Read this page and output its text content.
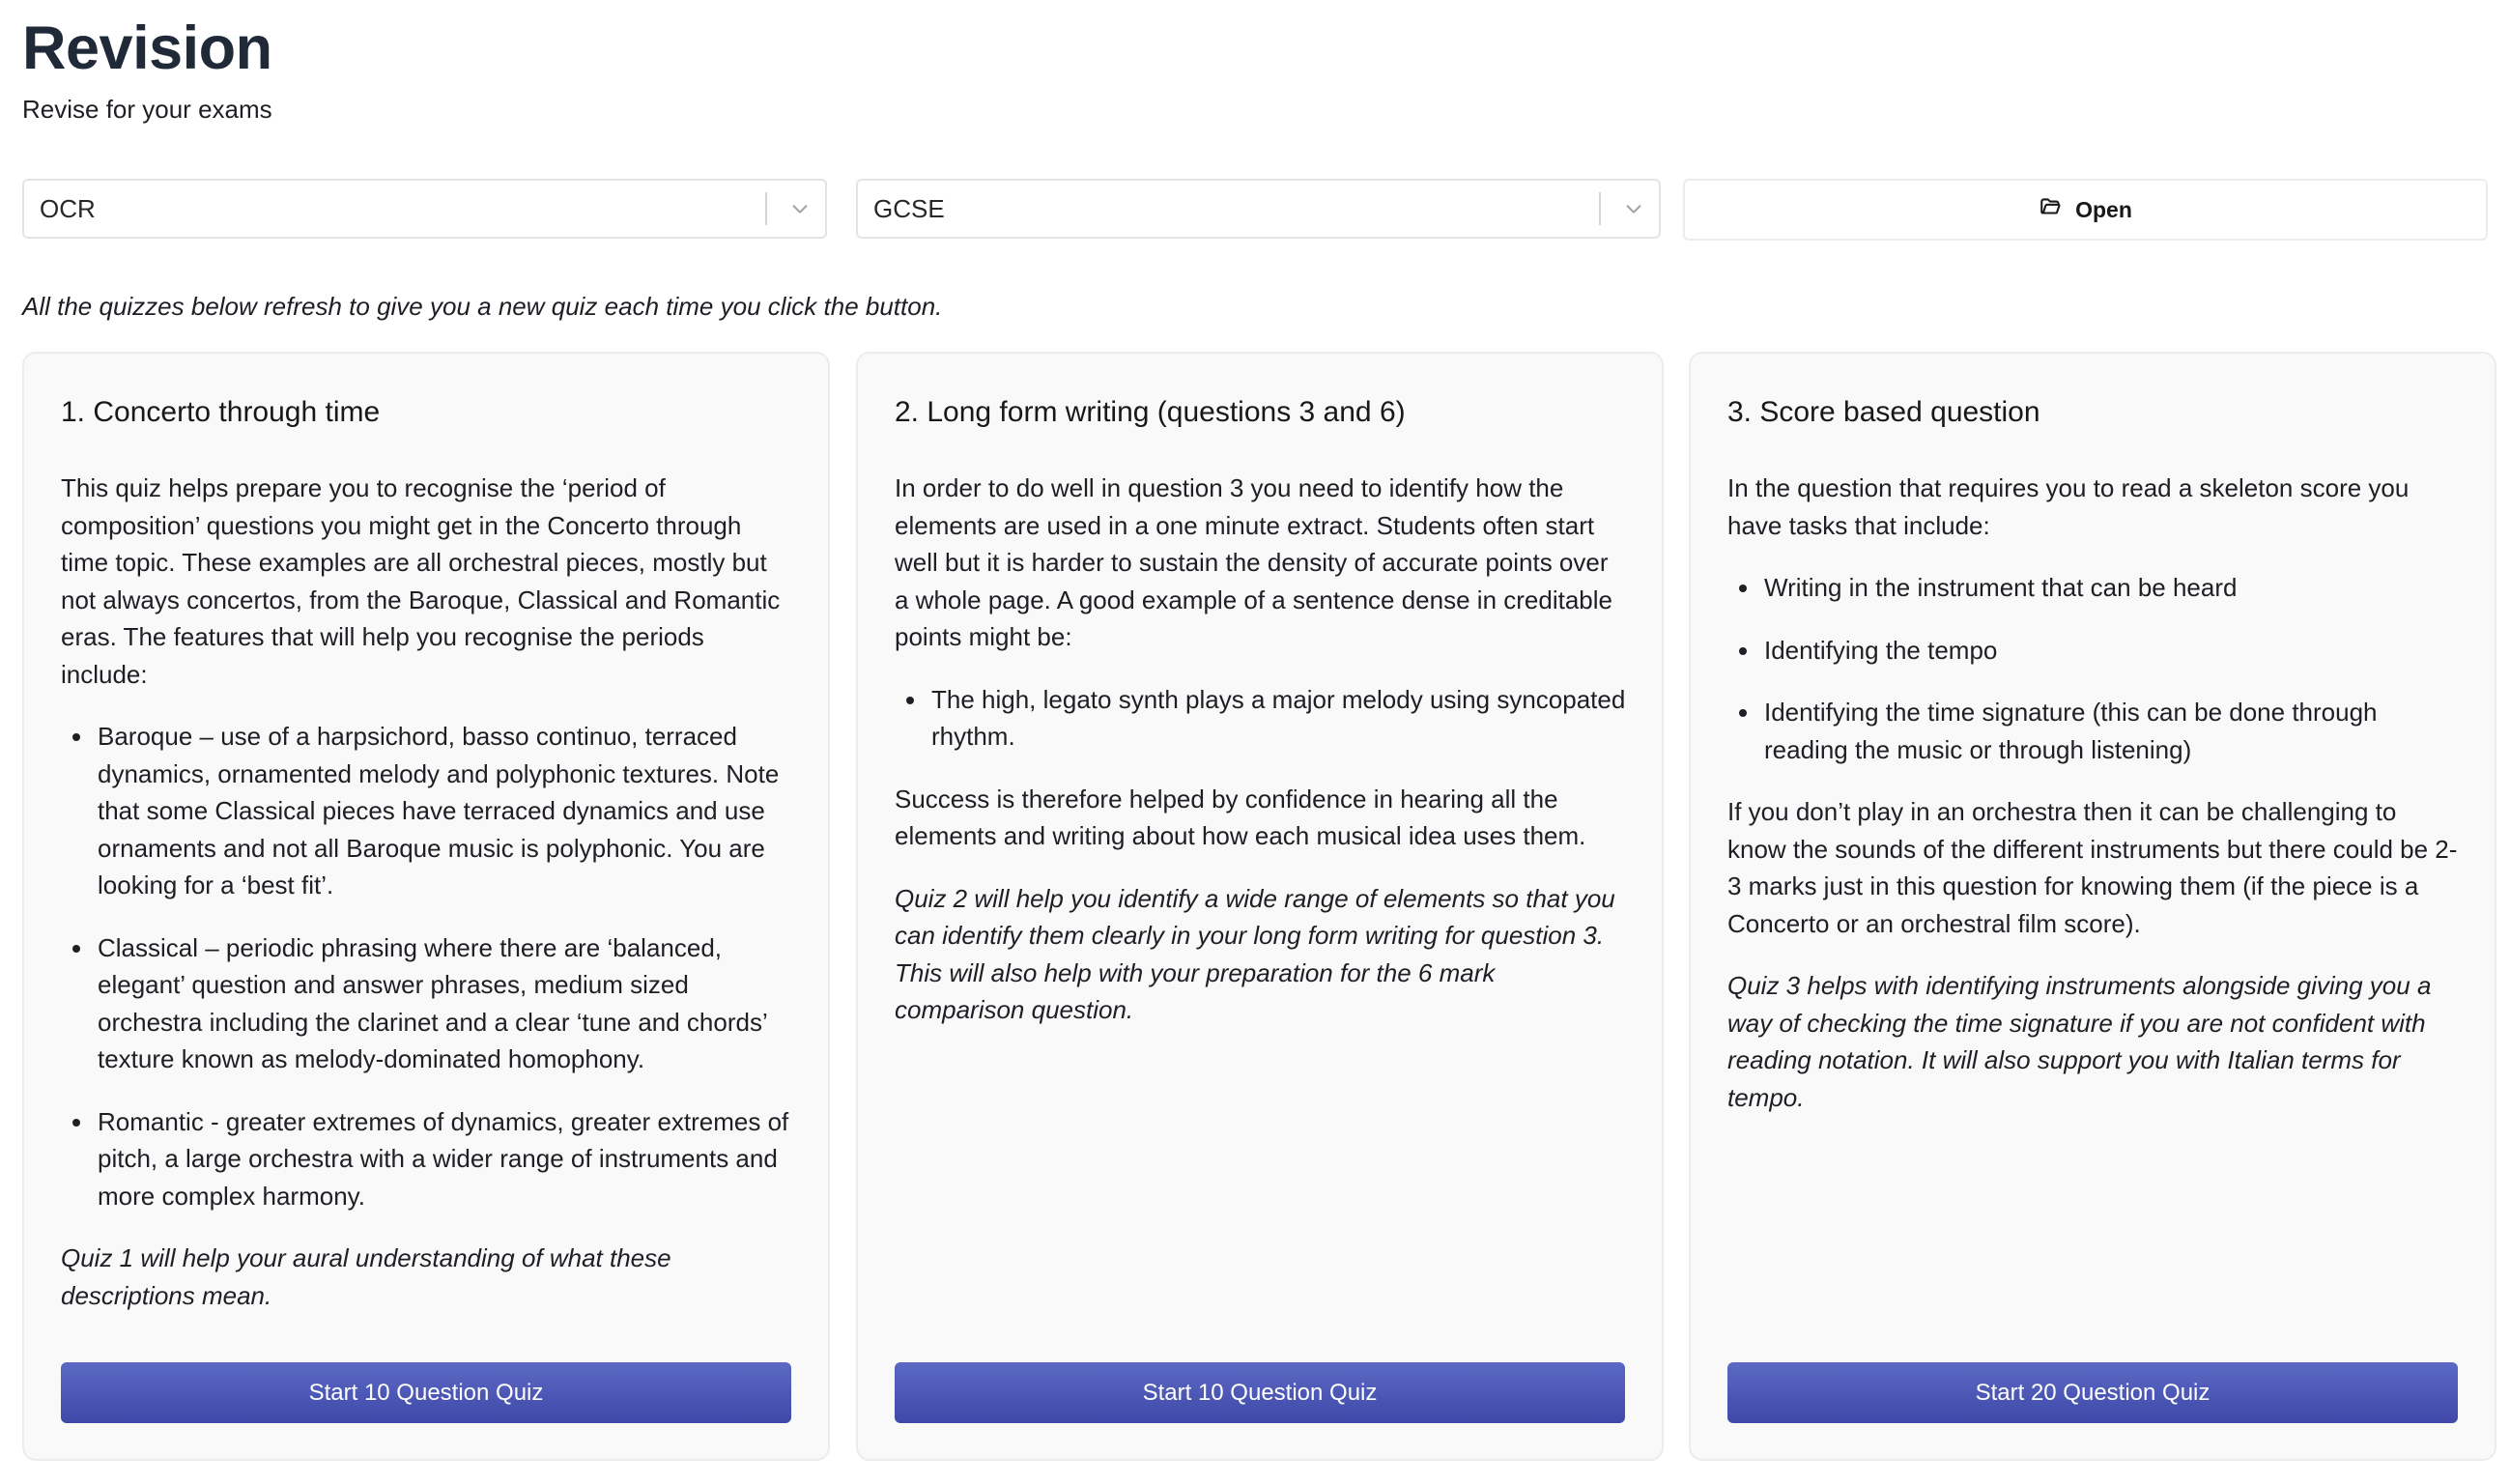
Revision
Revise for your exams
OCR	GCSE	Open
All the quizzes below refresh to give you a new quiz each time you click the button.
1. Concerto through time

This quiz helps prepare you to recognise the ‘period of composition’ questions you might get in the Concerto through time topic. These examples are all orchestral pieces, mostly but not always concertos, from the Baroque, Classical and Romantic eras. The features that will help you recognise the periods include:

Baroque – use of a harpsichord, basso continuo, terraced dynamics, ornamented melody and polyphonic textures. Note that some Classical pieces have terraced dynamics and use ornaments and not all Baroque music is polyphonic. You are looking for a ‘best fit’.
Classical – periodic phrasing where there are ‘balanced, elegant’ question and answer phrases, medium sized orchestra including the clarinet and a clear ‘tune and chords’ texture known as melody-dominated homophony.
Romantic - greater extremes of dynamics, greater extremes of pitch, a large orchestra with a wider range of instruments and more complex harmony.

Quiz 1 will help your aural understanding of what these descriptions mean.

Start 10 Question Quiz
2. Long form writing (questions 3 and 6)

In order to do well in question 3 you need to identify how the elements are used in a one minute extract. Students often start well but it is harder to sustain the density of accurate points over a whole page. A good example of a sentence dense in creditable points might be:

The high, legato synth plays a major melody using syncopated rhythm.

Success is therefore helped by confidence in hearing all the elements and writing about how each musical idea uses them.

Quiz 2 will help you identify a wide range of elements so that you can identify them clearly in your long form writing for question 3. This will also help with your preparation for the 6 mark comparison question.

Start 10 Question Quiz
3. Score based question

In the question that requires you to read a skeleton score you have tasks that include:

Writing in the instrument that can be heard
Identifying the tempo
Identifying the time signature (this can be done through reading the music or through listening)

If you don’t play in an orchestra then it can be challenging to know the sounds of the different instruments but there could be 2-3 marks just in this question for knowing them (if the piece is a Concerto or an orchestral film score).

Quiz 3 helps with identifying instruments alongside giving you a way of checking the time signature if you are not confident with reading notation. It will also support you with Italian terms for tempo.

Start 20 Question Quiz
